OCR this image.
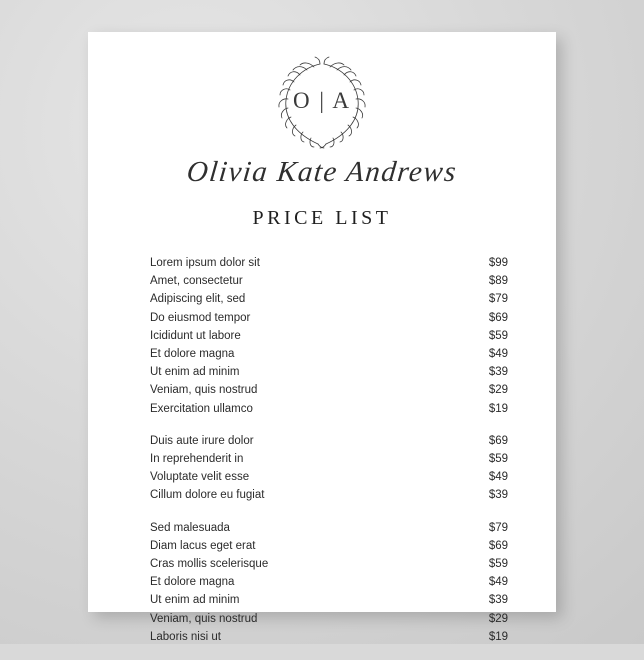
O | A
Olivia Kate Andrews
PRICE LIST
Lorem ipsum dolor sit	$99
Amet, consectetur	$89
Adipiscing elit, sed	$79
Do eiusmod tempor	$69
Icididunt ut labore	$59
Et dolore magna	$49
Ut enim ad minim	$39
Veniam, quis nostrud	$29
Exercitation ullamco	$19
Duis aute irure dolor	$69
In reprehenderit in	$59
Voluptate velit esse	$49
Cillum dolore eu fugiat	$39
Sed malesuada	$79
Diam lacus eget erat	$69
Cras mollis scelerisque	$59
Et dolore magna	$49
Ut enim ad minim	$39
Veniam, quis nostrud	$29
Laboris nisi ut	$19
